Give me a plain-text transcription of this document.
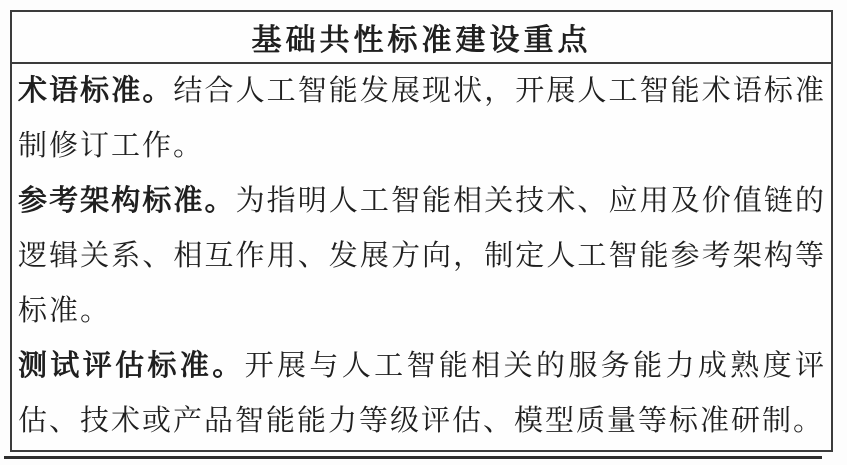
基础共性标准建设重点

术语标准。结合人工智能发展现状，开展人工智能术语标准制修订工作。

参考架构标准。为指明人工智能相关技术、应用及价值链的逻辑关系、相互作用、发展方向，制定人工智能参考架构等标准。

测试评估标准。开展与人工智能相关的服务能力成熟度评估、技术或产品智能能力等级评估、模型质量等标准研制。
